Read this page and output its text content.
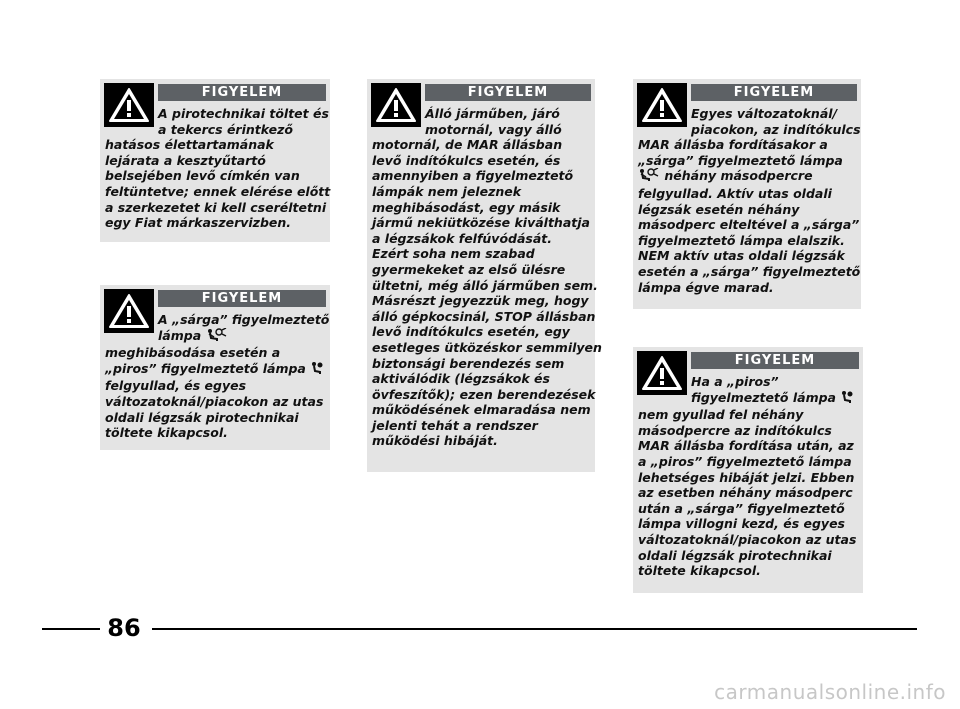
FIGYELEM
A pirotechnikai töltet és
a tekercs érintkező
hatásos élettartamának
lejárata a kesztyűtartó
belsejében levő címkén van
feltüntetve; ennek elérése előtt
a szerkezetet ki kell cseréltetni
egy Fiat márkaszervizben.
FIGYELEM
A „sárga” figyelmeztető
lámpa
meghibásodása esetén a
„piros” figyelmeztető lámpa
felgyullad, és egyes
változatoknál/piacokon az utas
oldali légzsák pirotechnikai
töltete kikapcsol.
FIGYELEM
Álló járműben, járó
motornál, vagy álló
motornál, de MAR állásban
levő indítókulcs esetén, és
amennyiben a figyelmeztető
lámpák nem jeleznek
meghibásodást, egy másik
jármű nekiütközése kiválthatja
a légzsákok felfúvódását.
Ezért soha nem szabad
gyermekeket az első ülésre
ültetni, még álló járműben sem.
Másrészt jegyezzük meg, hogy
álló gépkocsinál, STOP állásban
levő indítókulcs esetén, egy
esetleges ütközéskor semmilyen
biztonsági berendezés sem
aktiválódik (légzsákok és
övfeszítők); ezen berendezések
működésének elmaradása nem
jelenti tehát a rendszer
működési hibáját.
FIGYELEM
Egyes változatoknál/
piacokon, az indítókulcs
MAR állásba fordításakor a
„sárga” figyelmeztető lámpa
néhány másodpercre
felgyullad. Aktív utas oldali
légzsák esetén néhány
másodperc elteltével a „sárga”
figyelmeztető lámpa elalszik.
NEM aktív utas oldali légzsák
esetén a „sárga” figyelmeztető
lámpa égve marad.
FIGYELEM
Ha a „piros”
figyelmeztető lámpa
nem gyullad fel néhány
másodpercre az indítókulcs
MAR állásba fordítása után, az
a „piros” figyelmeztető lámpa
lehetséges hibáját jelzi. Ebben
az esetben néhány másodperc
után a „sárga” figyelmeztető
lámpa villogni kezd, és egyes
változatoknál/piacokon az utas
oldali légzsák pirotechnikai
töltete kikapcsol.
86
carmanualsonline.info
